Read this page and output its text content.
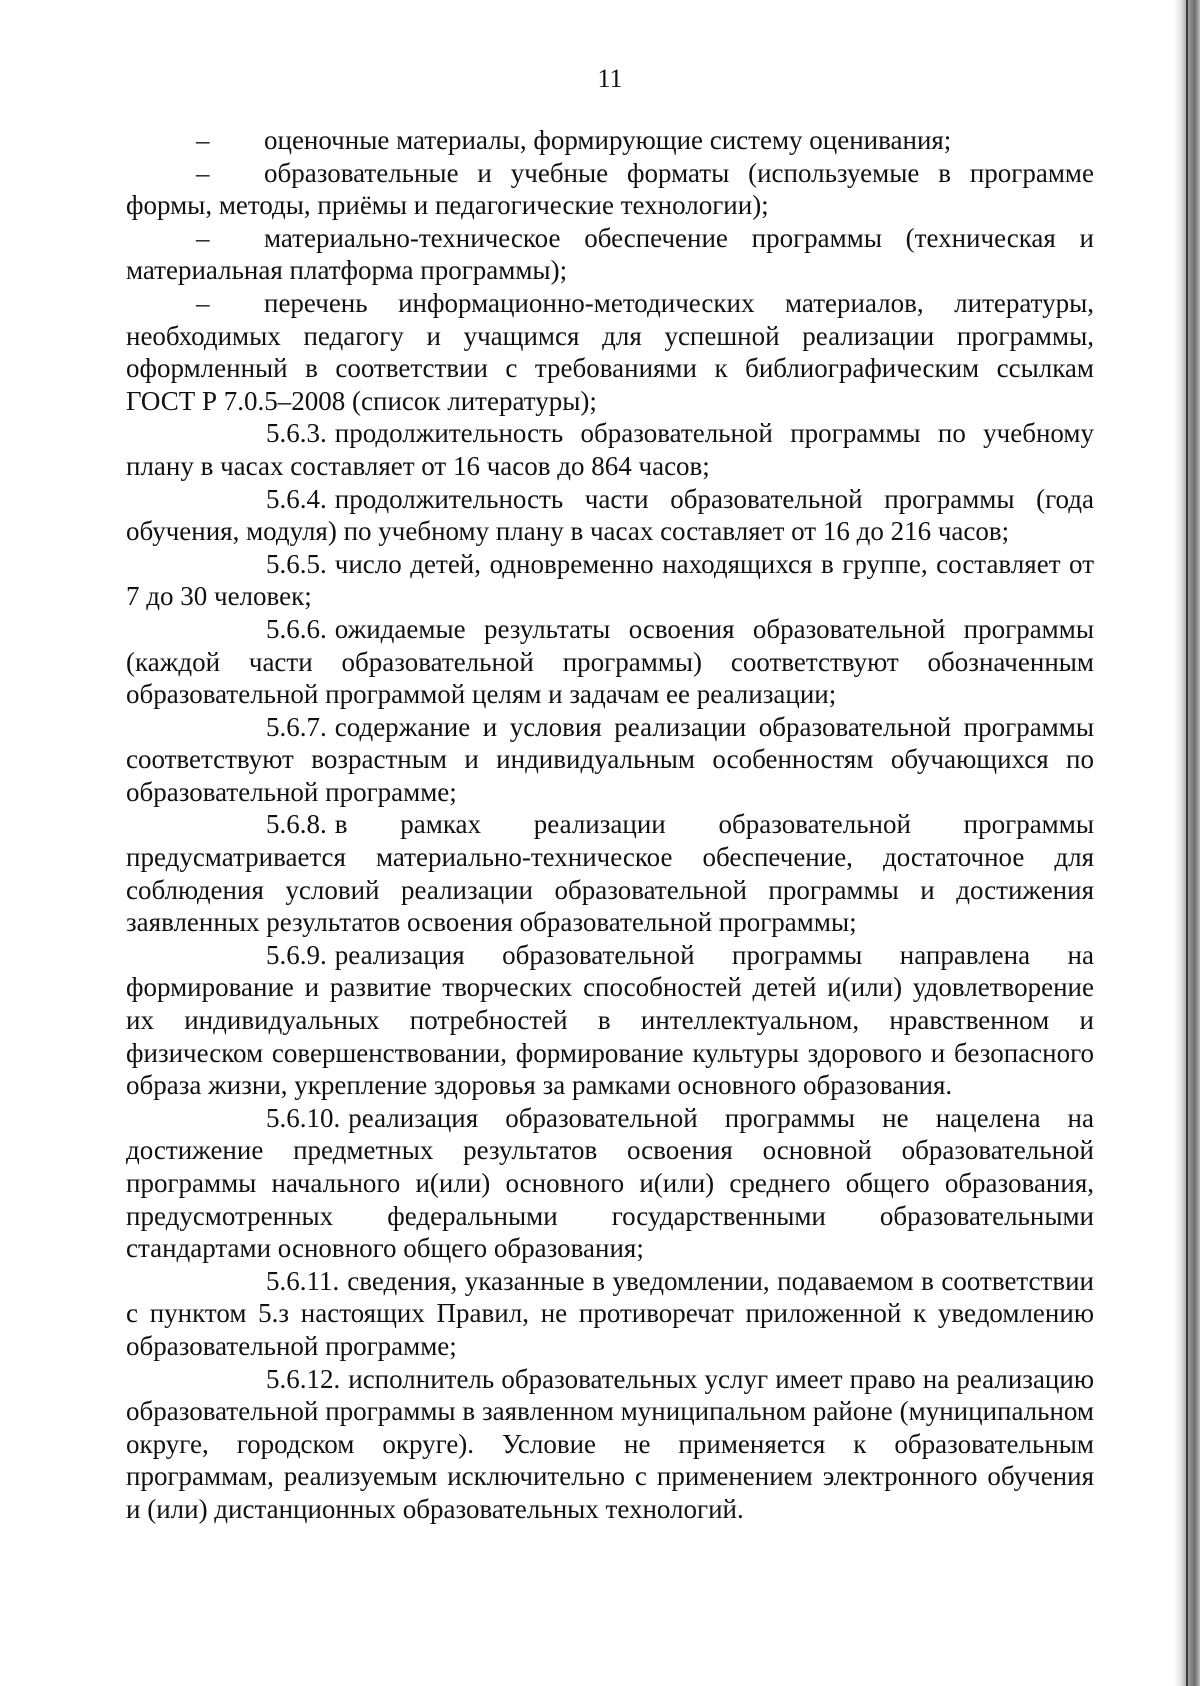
11

– оценочные материалы, формирующие систему оценивания;

– образовательные и учебные форматы (используемые в программе формы, методы, приёмы и педагогические технологии);

– материально-техническое обеспечение программы (техническая и материальная платформа программы);

– перечень информационно-методических материалов, литературы, необходимых педагогу и учащимся для успешной реализации программы, оформленный в соответствии с требованиями к библиографическим ссылкам ГОСТ Р 7.0.5–2008 (список литературы);

5.6.3. продолжительность образовательной программы по учебному плану в часах составляет от 16 часов до 864 часов;

5.6.4. продолжительность части образовательной программы (года обучения, модуля) по учебному плану в часах составляет от 16 до 216 часов;

5.6.5. число детей, одновременно находящихся в группе, составляет от 7 до 30 человек;

5.6.6. ожидаемые результаты освоения образовательной программы (каждой части образовательной программы) соответствуют обозначенным образовательной программой целям и задачам ее реализации;

5.6.7. содержание и условия реализации образовательной программы соответствуют возрастным и индивидуальным особенностям обучающихся по образовательной программе;

5.6.8. в рамках реализации образовательной программы предусматривается материально-техническое обеспечение, достаточное для соблюдения условий реализации образовательной программы и достижения заявленных результатов освоения образовательной программы;

5.6.9. реализация образовательной программы направлена на формирование и развитие творческих способностей детей и(или) удовлетворение их индивидуальных потребностей в интеллектуальном, нравственном и физическом совершенствовании, формирование культуры здорового и безопасного образа жизни, укрепление здоровья за рамками основного образования.

5.6.10. реализация образовательной программы не нацелена на достижение предметных результатов освоения основной образовательной программы начального и(или) основного и(или) среднего общего образования, предусмотренных федеральными государственными образовательными стандартами основного общего образования;

5.6.11. сведения, указанные в уведомлении, подаваемом в соответствии с пунктом 5.з настоящих Правил, не противоречат приложенной к уведомлению образовательной программе;

5.6.12. исполнитель образовательных услуг имеет право на реализацию образовательной программы в заявленном муниципальном районе (муниципальном округе, городском округе). Условие не применяется к образовательным программам, реализуемым исключительно с применением электронного обучения и (или) дистанционных образовательных технологий.
